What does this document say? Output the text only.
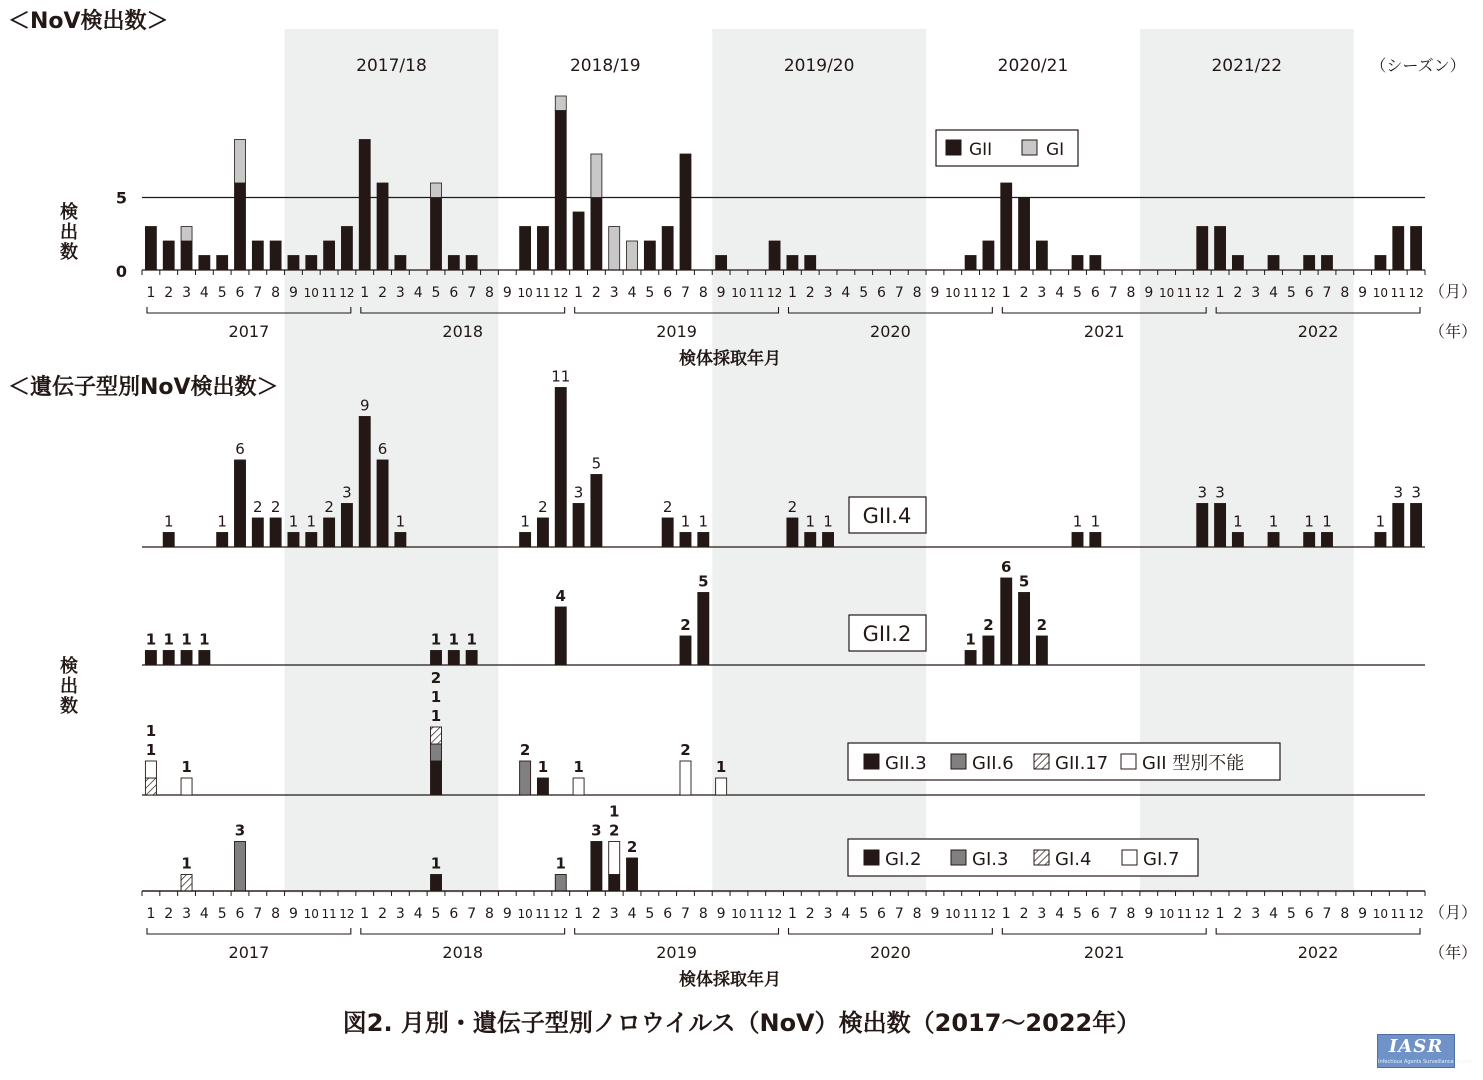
2017/18	2018/19	2019/20	2020/21	2021/22	（シーズン）
5
0
検
出
数
GII	GI
1 2 3 4 5 6 7 8 9 10 11 12 1 2 3 4 5 6 7 8 9 10 11 12 1 2 3 4 5 6 7 8 9 10 11 12 1 2 3 4 5 6 7 8 9 10 11 12 1 2 3 4 5 6 7 8 9 10 11 12 1 2 3 4 5 6 7 8 9 10 11 12 （月）
2017	2018	2019	2020	2021	2022	（年）
検体採取年月
検
出
数
1	1
6
2 2
1 1
2
3
9
6
1	1
2
11
3
5
2
1 1
2
1 1	1 1
3 3
1 1 1 1	1
3 3
GII.4
1 1 1 1	1 1 1
4
2
5
1
2
6
5
2
GII.2
1
1
1
1
1
2
2
1 1
2
1	GII.3	GII.6 GII.17 GII 型別不能
1
3
1	1
3 2
1
2
GI.2	GI.3	GI.4	GI.7
1 2 3 4 5 6 7 8 9 10 11 12 1 2 3 4 5 6 7 8 9 10 11 12 1 2 3 4 5 6 7 8 9 10 11 12 1 2 3 4 5 6 7 8 9 10 11 12 1 2 3 4 5 6 7 8 9 10 11 12 1 2 3 4 5 6 7 8 9 10 11 12 （月）
2017	2018	2019	2020	2021	2022	（年）
検体採取年月
＜NoV検出数＞
＜遺伝子型別NoV検出数＞
図2. 月別・遺伝子型別ノロウイルス（NoV）検出数（2017～2022年）
IASR
Infectious Agents Surveillance Report
